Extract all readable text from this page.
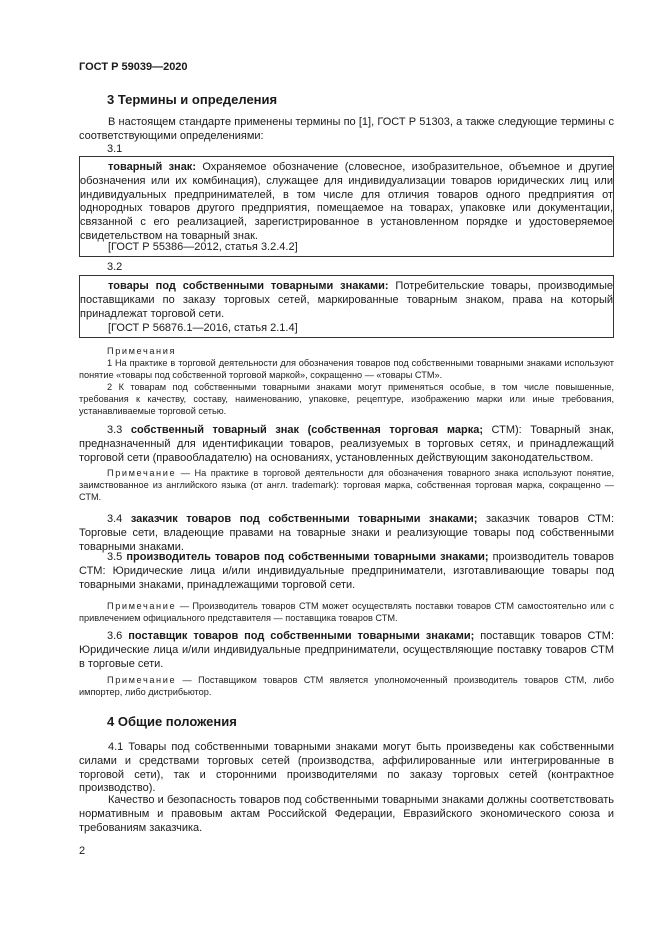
ГОСТ Р 59039—2020
3 Термины и определения

В настоящем стандарте применены термины по [1], ГОСТ Р 51303, а также следующие термины с соответствующими определениями:

3.1

товарный знак: Охраняемое обозначение (словесное, изобразительное, объемное и другие обозначения или их комбинация), служащее для индивидуализации товаров юридических лиц или индивидуальных предпринимателей, в том числе для отличия товаров одного предприятия от однородных товаров другого предприятия, помещаемое на товарах, упаковке или документации, связанной с его реализацией, зарегистрированное в установленном порядке и удостоверяемое свидетельством на товарный знак.

[ГОСТ Р 55386—2012, статья 3.2.4.2]
3.2

товары под собственными товарными знаками: Потребительские товары, производимые поставщиками по заказу торговых сетей, маркированные товарным знаком, права на который принадлежат торговой сети.

[ГОСТ Р 56876.1—2016, статья 2.1.4]
Примечания

1 На практике в торговой деятельности для обозначения товаров под собственными товарными знаками используют понятие «товары под собственной торговой маркой», сокращенно — «товары СТМ».

2 К товарам под собственными товарными знаками могут применяться особые, в том числе повышенные, требования к качеству, составу, наименованию, упаковке, рецептуре, изображению марки или иные требования, устанавливаемые торговой сетью.

3.3 собственный товарный знак (собственная торговая марка; СТМ): Товарный знак, предназначенный для идентификации товаров, реализуемых в торговых сетях, и принадлежащий торговой сети (правообладателю) на основаниях, установленных действующим законодательством.

Примечание — На практике в торговой деятельности для обозначения товарного знака используют понятие, заимствованное из английского языка (от англ. trademark): торговая марка, собственная торговая марка, сокращенно — СТМ.

3.4 заказчик товаров под собственными товарными знаками; заказчик товаров СТМ: Торговые сети, владеющие правами на товарные знаки и реализующие товары под собственными товарными знаками.

3.5 производитель товаров под собственными товарными знаками; производитель товаров СТМ: Юридические лица и/или индивидуальные предприниматели, изготавливающие товары под товарными знаками, принадлежащими торговой сети.

Примечание — Производитель товаров СТМ может осуществлять поставки товаров СТМ самостоятельно или с привлечением официального представителя — поставщика товаров СТМ.

3.6 поставщик товаров под собственными товарными знаками; поставщик товаров СТМ: Юридические лица и/или индивидуальные предприниматели, осуществляющие поставку товаров СТМ в торговые сети.

Примечание — Поставщиком товаров СТМ является уполномоченный производитель товаров СТМ, либо импортер, либо дистрибьютор.

4 Общие положения

4.1 Товары под собственными товарными знаками могут быть произведены как собственными силами и средствами торговых сетей (производства, аффилированные или интегрированные в торговой сети), так и сторонними производителями по заказу торговых сетей (контрактное производство).

Качество и безопасность товаров под собственными товарными знаками должны соответствовать нормативным и правовым актам Российской Федерации, Евразийского экономического союза и требованиям заказчика.

2
